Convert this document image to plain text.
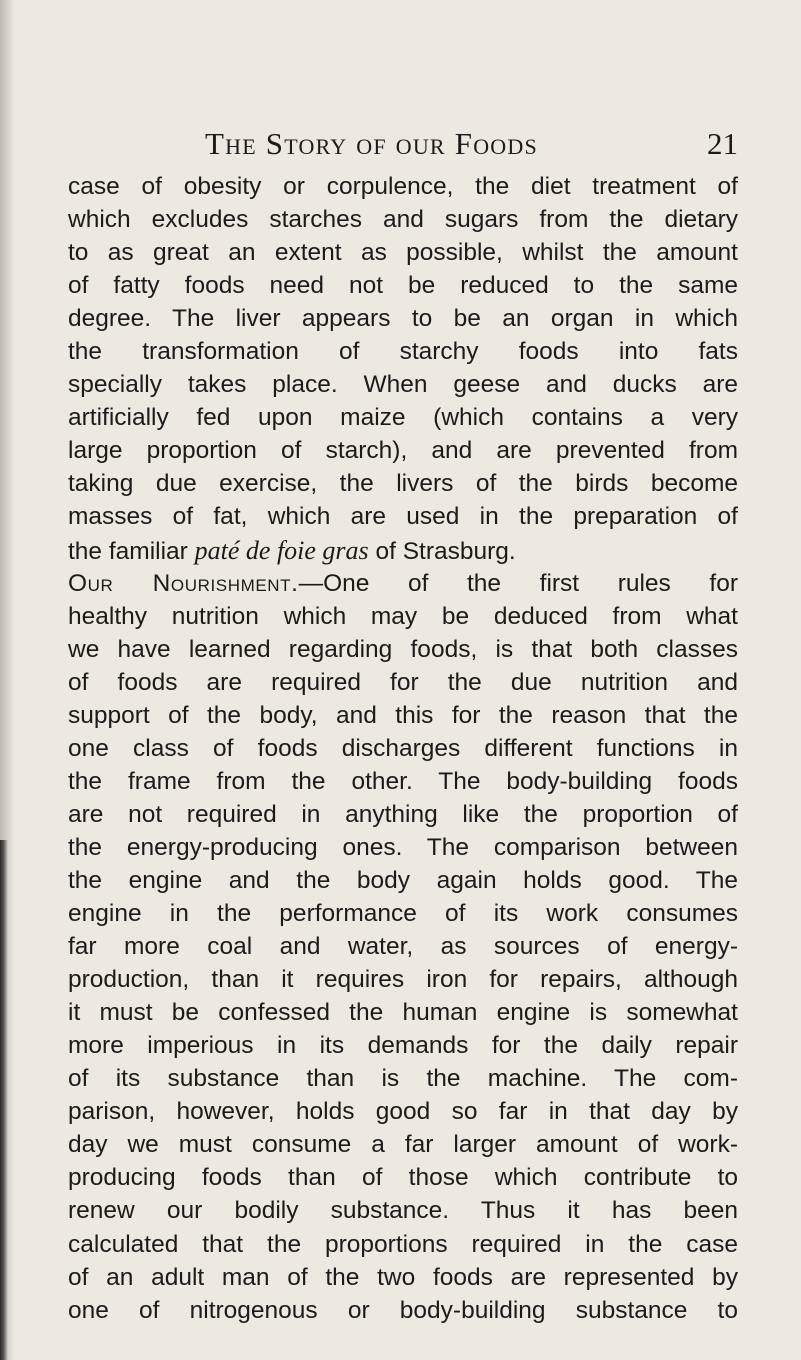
The Story of our Foods	21
case of obesity or corpulence, the diet treatment of
which excludes starches and sugars from the dietary
to as great an extent as possible, whilst the amount
of fatty foods need not be reduced to the same
degree. The liver appears to be an organ in which
the transformation of starchy foods into fats
specially takes place. When geese and ducks are
artificially fed upon maize (which contains a very
large proportion of starch), and are prevented from
taking due exercise, the livers of the birds become
masses of fat, which are used in the preparation of
the familiar paté de foie gras of Strasburg.
Our Nourishment.—One of the first rules for
healthy nutrition which may be deduced from what
we have learned regarding foods, is that both classes
of foods are required for the due nutrition and
support of the body, and this for the reason that the
one class of foods discharges different functions in
the frame from the other. The body-building foods
are not required in anything like the proportion of
the energy-producing ones. The comparison between
the engine and the body again holds good. The
engine in the performance of its work consumes
far more coal and water, as sources of energy-
production, than it requires iron for repairs, although
it must be confessed the human engine is somewhat
more imperious in its demands for the daily repair
of its substance than is the machine. The com-
parison, however, holds good so far in that day by
day we must consume a far larger amount of work-
producing foods than of those which contribute to
renew our bodily substance. Thus it has been
calculated that the proportions required in the case
of an adult man of the two foods are represented by
one of nitrogenous or body-building substance to
